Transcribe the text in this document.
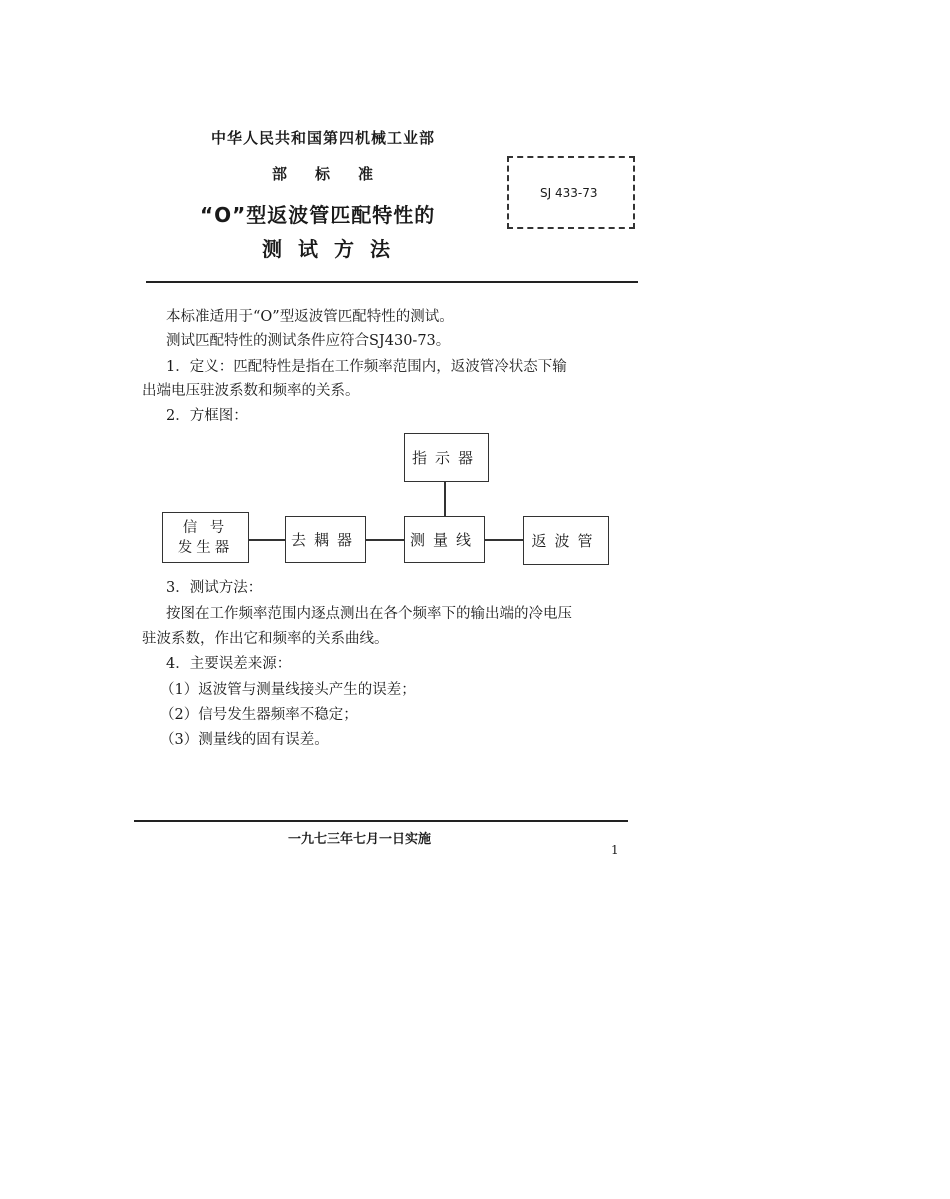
中华人民共和国第四机械工业部
部标准
“O”型返波管匹配特性的
测试方法
SJ 433-73
本标准适用于“O”型返波管匹配特性的测试。
测试匹配特性的测试条件应符合SJ430-73。
1．定义：匹配特性是指在工作频率范围内，返波管冷状态下输
出端电压驻波系数和频率的关系。
2．方框图：
指示器
信 号
发生器	去耦器	测量线	返波管
3．测试方法：
按图在工作频率范围内逐点测出在各个频率下的输出端的冷电压
驻波系数，作出它和频率的关系曲线。
4．主要误差来源：
（1）返波管与测量线接头产生的误差；
（2）信号发生器频率不稳定；
（3）测量线的固有误差。
一九七三年七月一日实施
1
